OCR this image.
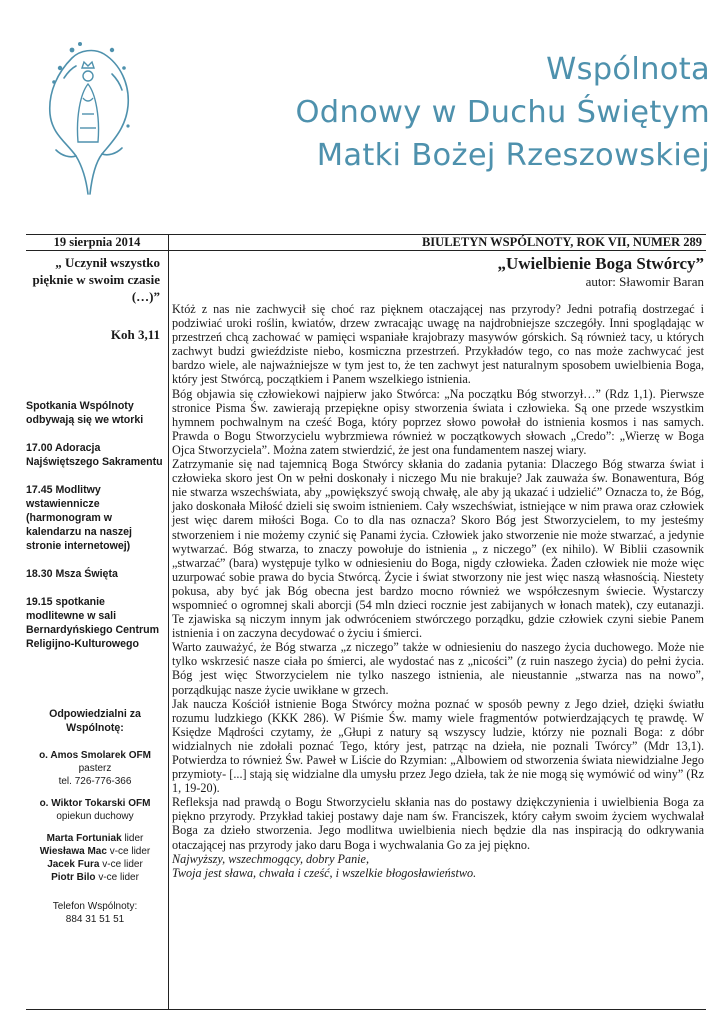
Wspólnota
Odnowy w Duchu Świętym
Matki Bożej Rzeszowskiej
19 sierpnia 2014	BIULETYN WSPÓLNOTY, ROK VII, NUMER 289
„ Uczynił wszystko pięknie w swoim czasie (…)”
Koh 3,11

Spotkania Wspólnoty odbywają się we wtorki

17.00 Adoracja Najświętszego Sakramentu

17.45 Modlitwy wstawiennicze (harmonogram w kalendarzu na naszej stronie internetowej)

18.30 Msza Święta

19.15 spotkanie modlitewne w sali Bernardyńskiego Centrum Religijno-Kulturowego

Odpowiedzialni za Wspólnotę:
o. Amos Smolarek OFM
pasterz
tel. 726-776-366
o. Wiktor Tokarski OFM
opiekun duchowy
Marta Fortuniak lider
Wiesława Mac v-ce lider
Jacek Fura v-ce lider
Piotr Bilo v-ce lider
Telefon Wspólnoty:
884 31 51 51
„Uwielbienie Boga Stwórcy”
autor: Sławomir Baran

Któż z nas nie zachwycił się choć raz pięknem otaczającej nas przyrody? Jedni potrafią dostrzegać i podziwiać uroki roślin, kwiatów, drzew zwracając uwagę na najdrobniejsze szczegóły. Inni spoglądając w przestrzeń chcą zachować w pamięci wspaniałe krajobrazy masywów górskich. Są również tacy, u których zachwyt budzi gwieździste niebo, kosmiczna przestrzeń. Przykładów tego, co nas może zachwycać jest bardzo wiele, ale najważniejsze w tym jest to, że ten zachwyt jest naturalnym sposobem uwielbienia Boga, który jest Stwórcą, początkiem i Panem wszelkiego istnienia.

Bóg objawia się człowiekowi najpierw jako Stwórca: „Na początku Bóg stworzył…” (Rdz 1,1). Pierwsze stronice Pisma Św. zawierają przepiękne opisy stworzenia świata i człowieka. Są one przede wszystkim hymnem pochwalnym na cześć Boga, który poprzez słowo powołał do istnienia kosmos i nas samych. Prawda o Bogu Stworzycielu wybrzmiewa również w początkowych słowach „Credo”: „Wierzę w Boga Ojca Stworzyciela”. Można zatem stwierdzić, że jest ona fundamentem naszej wiary.

Zatrzymanie się nad tajemnicą Boga Stwórcy skłania do zadania pytania: Dlaczego Bóg stwarza świat i człowieka skoro jest On w pełni doskonały i niczego Mu nie brakuje? Jak zauważa św. Bonawentura, Bóg nie stwarza wszechświata, aby „powiększyć swoją chwałę, ale aby ją ukazać i udzielić” Oznacza to, że Bóg, jako doskonała Miłość dzieli się swoim istnieniem. Cały wszechświat, istniejące w nim prawa oraz człowiek jest więc darem miłości Boga. Co to dla nas oznacza? Skoro Bóg jest Stworzycielem, to my jesteśmy stworzeniem i nie możemy czynić się Panami życia. Człowiek jako stworzenie nie może stwarzać, a jedynie wytwarzać. Bóg stwarza, to znaczy powołuje do istnienia „ z niczego” (ex nihilo). W Biblii czasownik „stwarzać” (bara) występuje tylko w odniesieniu do Boga, nigdy człowieka. Żaden człowiek nie może więc uzurpować sobie prawa do bycia Stwórcą. Życie i świat stworzony nie jest więc naszą własnością. Niestety pokusa, aby być jak Bóg obecna jest bardzo mocno również we współczesnym świecie. Wystarczy wspomnieć o ogromnej skali aborcji (54 mln dzieci rocznie jest zabijanych w łonach matek), czy eutanazji. Te zjawiska są niczym innym jak odwróceniem stwórczego porządku, gdzie człowiek czyni siebie Panem istnienia i on zaczyna decydować o życiu i śmierci.

Warto zauważyć, że Bóg stwarza „z niczego” także w odniesieniu do naszego życia duchowego. Może nie tylko wskrzesić nasze ciała po śmierci, ale wydostać nas z „nicości” (z ruin naszego życia) do pełni życia. Bóg jest więc Stworzycielem nie tylko naszego istnienia, ale nieustannie „stwarza nas na nowo”, porządkując nasze życie uwikłane w grzech.

Jak naucza Kościół istnienie Boga Stwórcy można poznać w sposób pewny z Jego dzieł, dzięki światłu rozumu ludzkiego (KKK 286). W Piśmie Św. mamy wiele fragmentów potwierdzających tę prawdę. W Księdze Mądrości czytamy, że „Głupi z natury są wszyscy ludzie, którzy nie poznali Boga: z dóbr widzialnych nie zdołali poznać Tego, który jest, patrząc na dzieła, nie poznali Twórcy” (Mdr 13,1). Potwierdza to również Św. Paweł w Liście do Rzymian: „Albowiem od stworzenia świata niewidzialne Jego przymioty- [...] stają się widzialne dla umysłu przez Jego dzieła, tak że nie mogą się wymówić od winy” (Rz 1, 19-20).

Refleksja nad prawdą o Bogu Stworzycielu skłania nas do postawy dziękczynienia i uwielbienia Boga za piękno przyrody. Przykład takiej postawy daje nam św. Franciszek, który całym swoim życiem wychwalał Boga za dzieło stworzenia. Jego modlitwa uwielbienia niech będzie dla nas inspiracją do odkrywania otaczającej nas przyrody jako daru Boga i wychwalania Go za jej piękno.

Najwyższy, wszechmogący, dobry Panie,

Twoja jest sława, chwała i cześć, i wszelkie błogosławieństwo.
